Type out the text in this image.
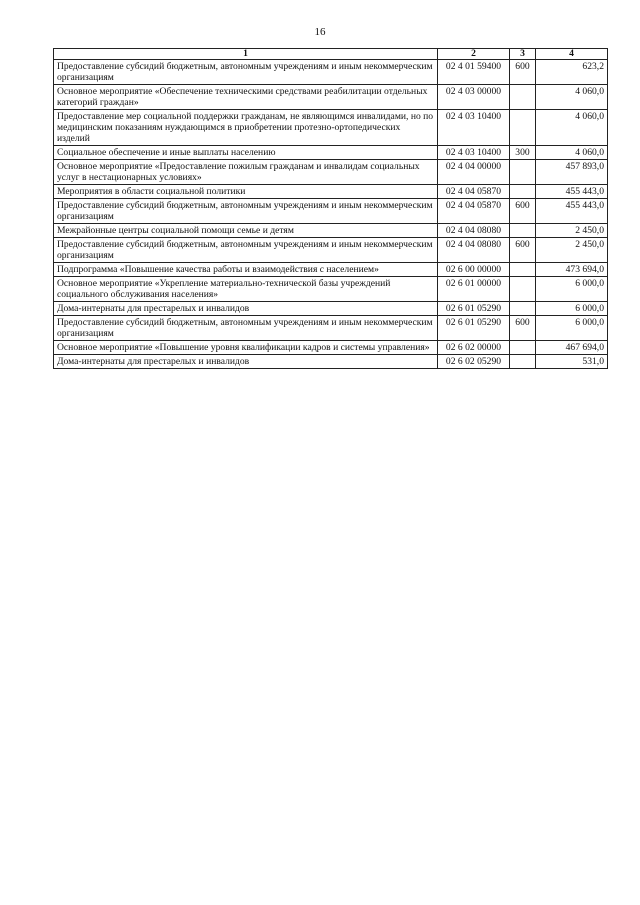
16
1	2	3	4
Предоставление субсидий бюджетным, автономным учреждениям и иным некоммерческим организациям	02 4 01 59400	600	623,2
Основное мероприятие «Обеспечение техническими средствами реабилитации отдельных категорий граждан»	02 4 03 00000		4 060,0
Предоставление мер социальной поддержки гражданам, не являющимся инвалидами, но по медицинским показаниям нуждающимся в приобретении протезно-ортопедических изделий	02 4 03 10400		4 060,0
Социальное обеспечение и иные выплаты населению	02 4 03 10400	300	4 060,0
Основное мероприятие «Предоставление пожилым гражданам и инвалидам социальных услуг в нестационарных условиях»	02 4 04 00000		457 893,0
Мероприятия в области социальной политики	02 4 04 05870		455 443,0
Предоставление субсидий бюджетным, автономным учреждениям и иным некоммерческим организациям	02 4 04 05870	600	455 443,0
Межрайонные центры социальной помощи семье и детям	02 4 04 08080		2 450,0
Предоставление субсидий бюджетным, автономным учреждениям и иным некоммерческим организациям	02 4 04 08080	600	2 450,0
Подпрограмма «Повышение качества работы и взаимодействия с населением»	02 6 00 00000		473 694,0
Основное мероприятие «Укрепление материально-технической базы учреждений социального обслуживания населения»	02 6 01 00000		6 000,0
Дома-интернаты для престарелых и инвалидов	02 6 01 05290		6 000,0
Предоставление субсидий бюджетным, автономным учреждениям и иным некоммерческим организациям	02 6 01 05290	600	6 000,0
Основное мероприятие «Повышение уровня квалификации кадров и системы управления»	02 6 02 00000		467 694,0
Дома-интернаты для престарелых и инвалидов	02 6 02 05290		531,0
